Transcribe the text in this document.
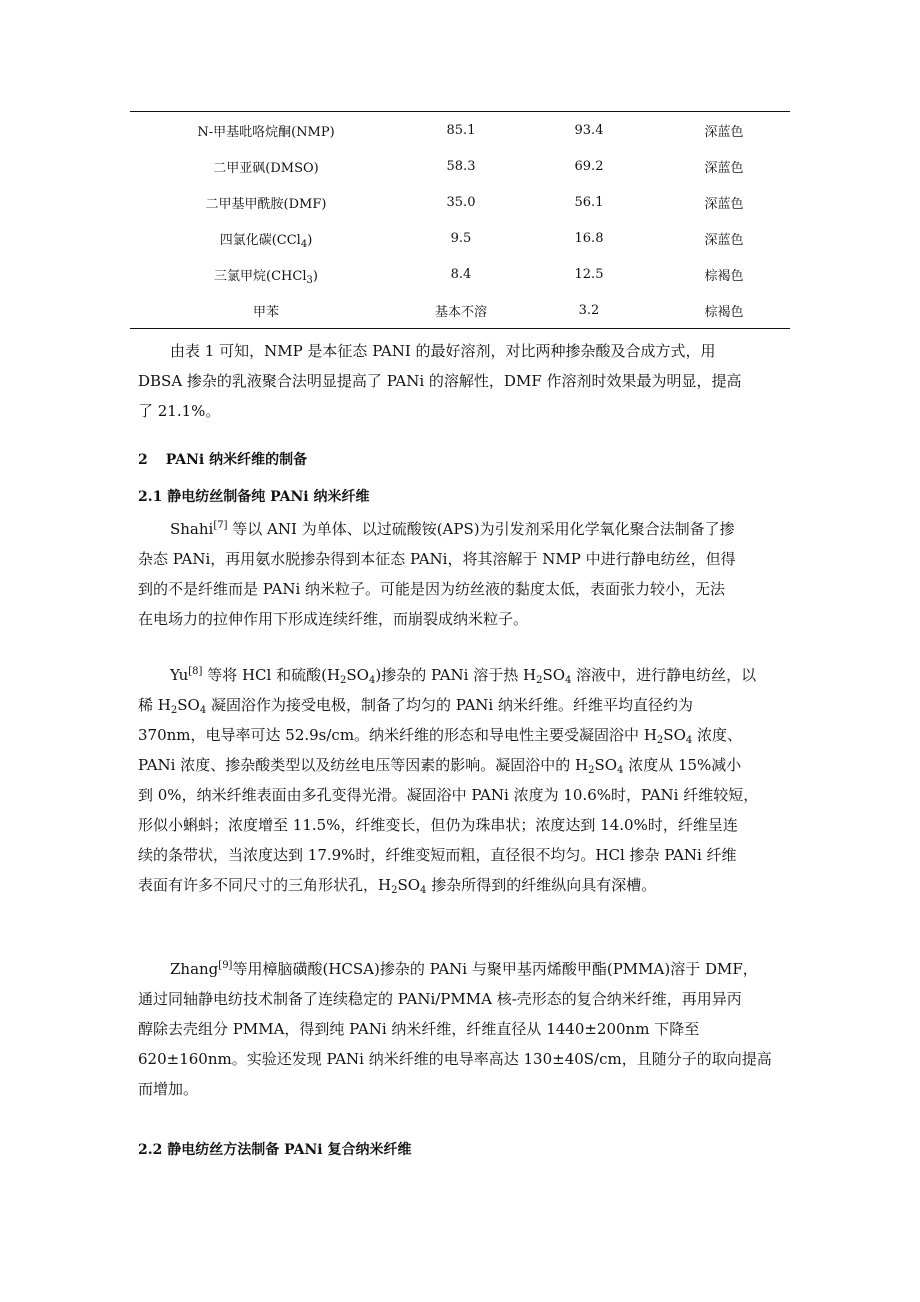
N-甲基吡咯烷酮(NMP)	85.1	93.4	深蓝色
二甲亚砜(DMSO)	58.3	69.2	深蓝色
二甲基甲酰胺(DMF)	35.0	56.1	深蓝色
四氯化碳(CCl$_4$)	9.5	16.8	深蓝色
三氯甲烷(CHCl$_3$)	8.4	12.5	棕褐色
甲苯	基本不溶	3.2	棕褐色

由表 1 可知，NMP 是本征态 PANI 的最好溶剂，对比两种掺杂酸及合成方式，用
DBSA 掺杂的乳液聚合法明显提高了 PANi 的溶解性，DMF 作溶剂时效果最为明显，提高
了 21.1%。

2 PANi 纳米纤维的制备

2.1 静电纺丝制备纯 PANi 纳米纤维

Shahi[7] 等以 ANI 为单体、以过硫酸铵(APS)为引发剂采用化学氧化聚合法制备了掺
杂态 PANi，再用氨水脱掺杂得到本征态 PANi，将其溶解于 NMP 中进行静电纺丝，但得
到的不是纤维而是 PANi 纳米粒子。可能是因为纺丝液的黏度太低，表面张力较小，无法
在电场力的拉伸作用下形成连续纤维，而崩裂成纳米粒子。

Yu[8] 等将 HCl 和硫酸$(H_2SO_4)$掺杂的 PANi 溶于热 $H_2SO_4$ 溶液中，进行静电纺丝，以
稀 $H_2SO_4$ 凝固浴作为接受电极，制备了均匀的 PANi 纳米纤维。纤维平均直径约为
370nm，电导率可达 52.9s/cm。纳米纤维的形态和导电性主要受凝固浴中 $H_2SO_4$ 浓度、
PANi 浓度、掺杂酸类型以及纺丝电压等因素的影响。凝固浴中的 $H_2SO_4$ 浓度从 15%减小
到 0%，纳米纤维表面由多孔变得光滑。凝固浴中 PANi 浓度为 10.6%时，PANi 纤维较短，
形似小蝌蚪；浓度增至 11.5%，纤维变长，但仍为珠串状；浓度达到 14.0%时，纤维呈连
续的条带状，当浓度达到 17.9%时，纤维变短而粗，直径很不均匀。HCl 掺杂 PANi 纤维
表面有许多不同尺寸的三角形状孔，$H_2SO_4$ 掺杂所得到的纤维纵向具有深槽。

Zhang[9]等用樟脑磺酸(HCSA)掺杂的 PANi 与聚甲基丙烯酸甲酯(PMMA)溶于 DMF，
通过同轴静电纺技术制备了连续稳定的 PANi/PMMA 核-壳形态的复合纳米纤维，再用异丙
醇除去壳组分 PMMA，得到纯 PANi 纳米纤维，纤维直径从 1440±200nm 下降至
620±160nm。实验还发现 PANi 纳米纤维的电导率高达 130±40S/cm，且随分子的取向提高
而增加。

2.2 静电纺丝方法制备 PANi 复合纳米纤维
